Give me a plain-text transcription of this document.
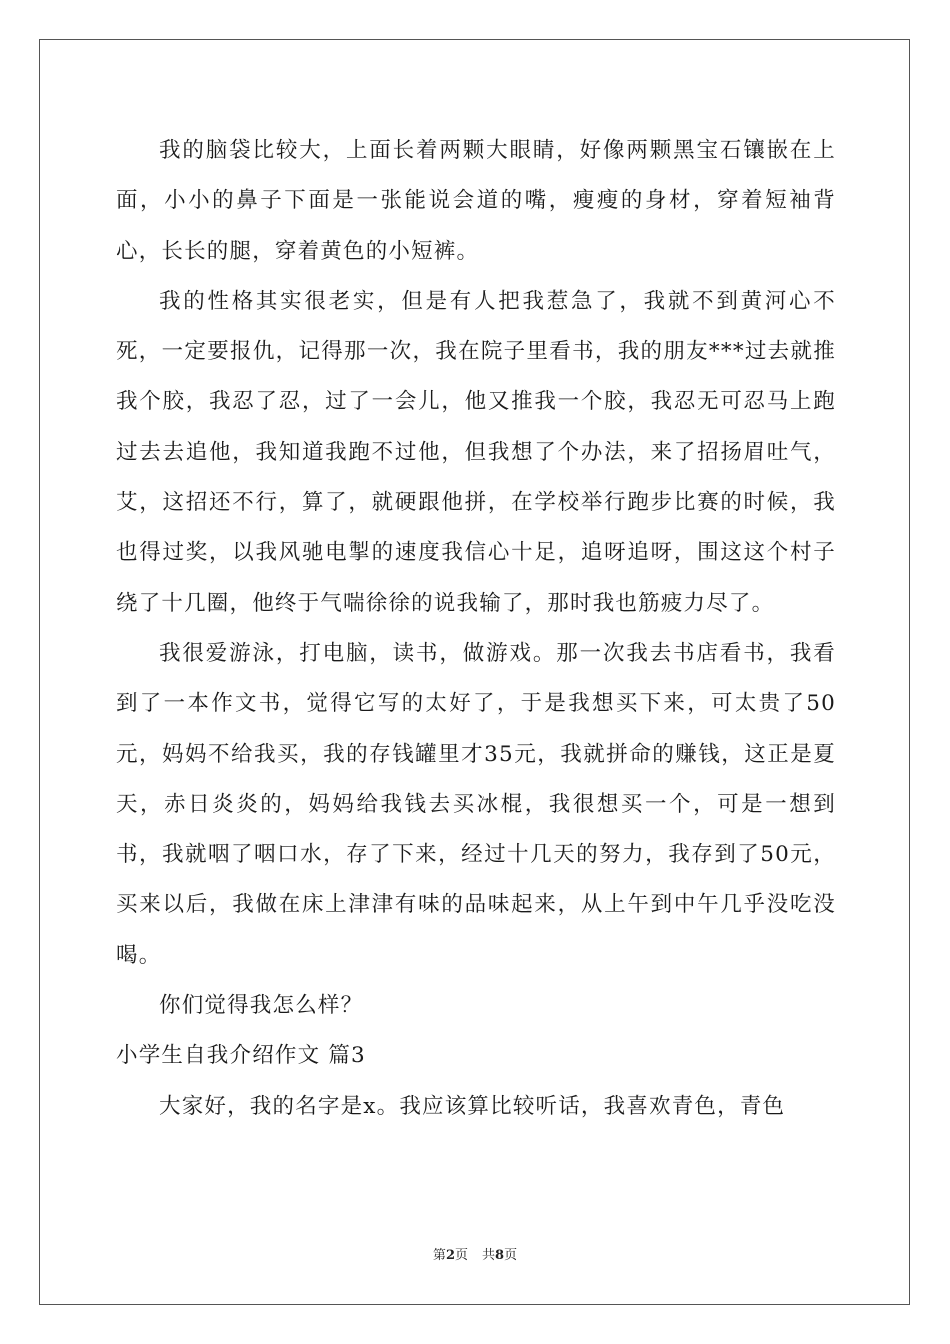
我的脑袋比较大，上面长着两颗大眼睛，好像两颗黑宝石镶嵌在上面，小小的鼻子下面是一张能说会道的嘴，瘦瘦的身材，穿着短袖背心，长长的腿，穿着黄色的小短裤。

我的性格其实很老实，但是有人把我惹急了，我就不到黄河心不死，一定要报仇，记得那一次，我在院子里看书，我的朋友***过去就推我个胶，我忍了忍，过了一会儿，他又推我一个胶，我忍无可忍马上跑过去去追他，我知道我跑不过他，但我想了个办法，来了招扬眉吐气，艾，这招还不行，算了，就硬跟他拼，在学校举行跑步比赛的时候，我也得过奖，以我风驰电掣的速度我信心十足，追呀追呀，围这这个村子绕了十几圈，他终于气喘徐徐的说我输了，那时我也筋疲力尽了。

我很爱游泳，打电脑，读书，做游戏。那一次我去书店看书，我看到了一本作文书，觉得它写的太好了，于是我想买下来，可太贵了50元，妈妈不给我买，我的存钱罐里才35元，我就拼命的赚钱，这正是夏天，赤日炎炎的，妈妈给我钱去买冰棍，我很想买一个，可是一想到书，我就咽了咽口水，存了下来，经过十几天的努力，我存到了50元，买来以后，我做在床上津津有味的品味起来，从上午到中午几乎没吃没喝。

你们觉得我怎么样？

小学生自我介绍作文 篇3

大家好，我的名字是x。我应该算比较听话，我喜欢青色，青色

第2页 共8页
